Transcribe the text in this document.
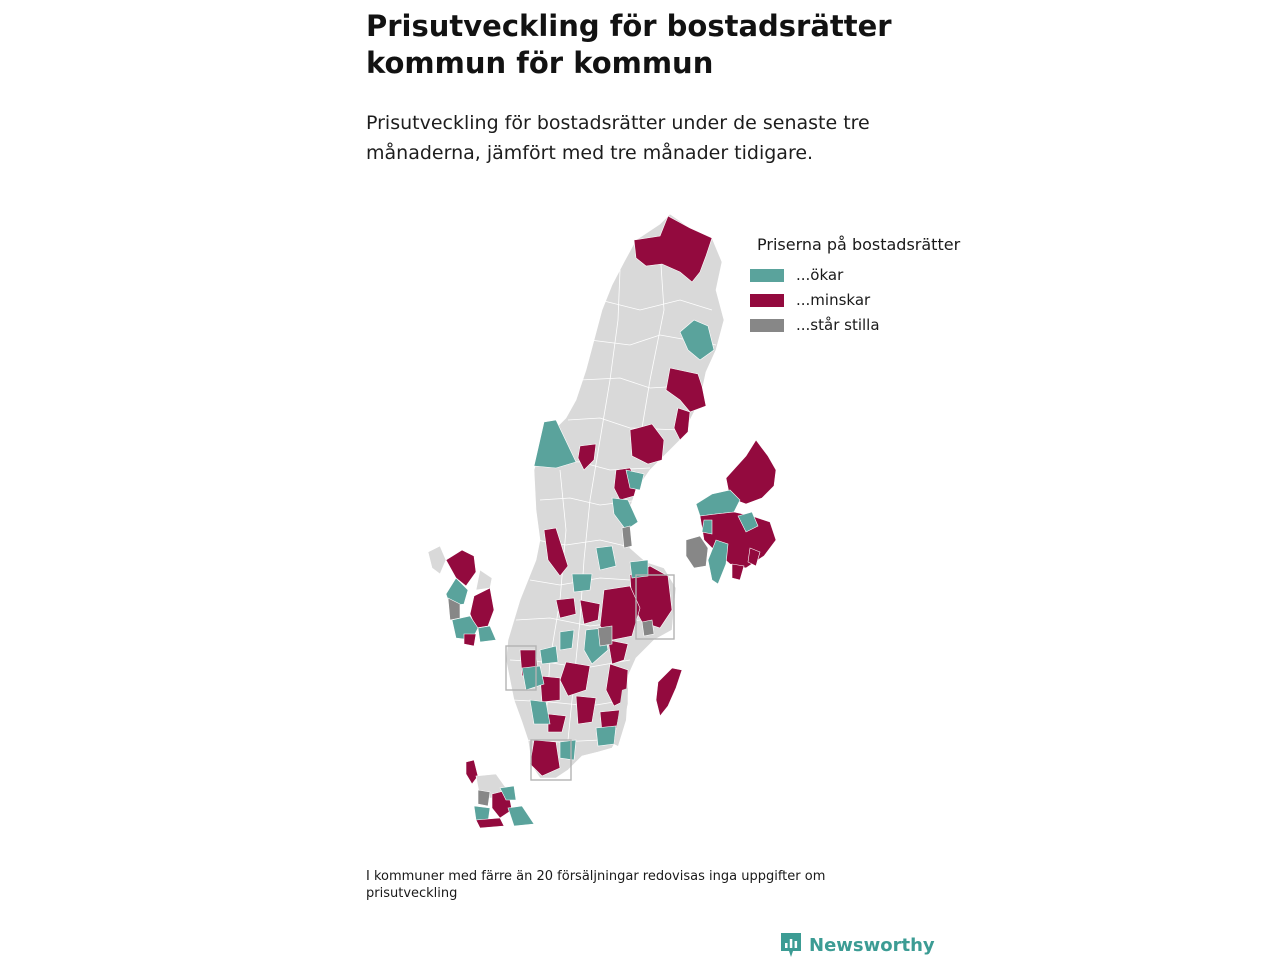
Prisutveckling för bostadsrätter kommun för kommun

Prisutveckling för bostadsrätter under de senaste tre månaderna, jämfört med tre månader tidigare.

Priserna på bostadsrätter
...ökar
...minskar
...står stilla

I kommuner med färre än 20 försäljningar redovisas inga uppgifter om prisutveckling

Newsworthy
